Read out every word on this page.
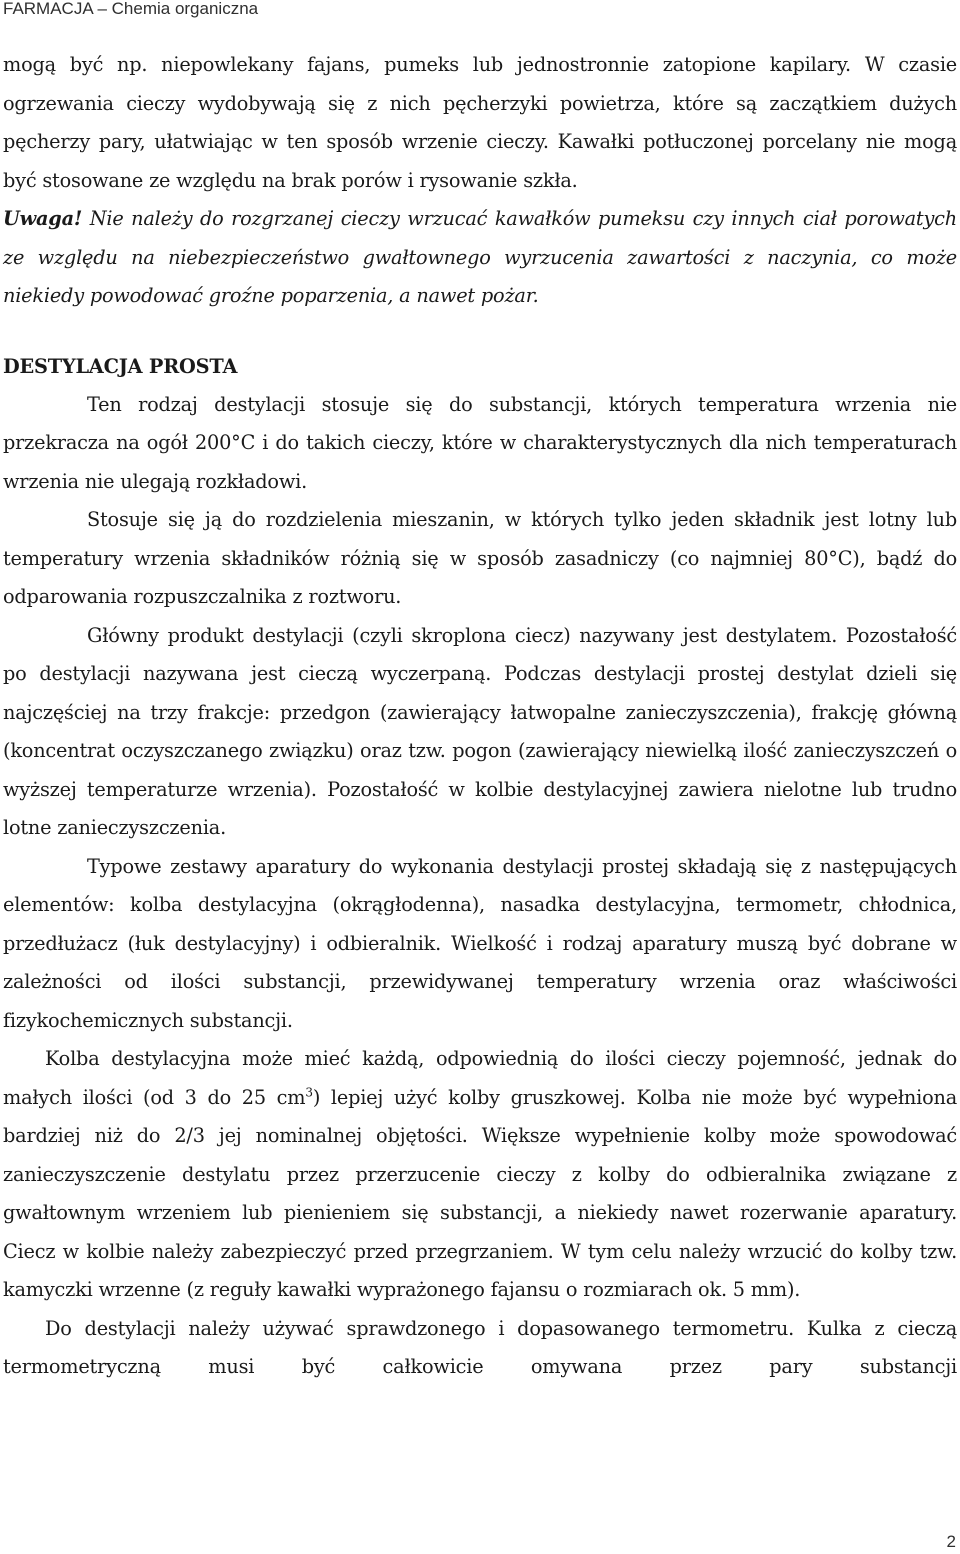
FARMACJA – Chemia organiczna

mogą być np. niepowlekany fajans, pumeks lub jednostronnie zatopione kapilary. W czasie ogrzewania cieczy wydobywają się z nich pęcherzyki powietrza, które są zaczątkiem dużych pęcherzy pary, ułatwiając w ten sposób wrzenie cieczy. Kawałki potłuczonej porcelany nie mogą być stosowane ze względu na brak porów i rysowanie szkła.

Uwaga! Nie należy do rozgrzanej cieczy wrzucać kawałków pumeksu czy innych ciał porowatych ze względu na niebezpieczeństwo gwałtownego wyrzucenia zawartości z naczynia, co może niekiedy powodować groźne poparzenia, a nawet pożar.

DESTYLACJA PROSTA

Ten rodzaj destylacji stosuje się do substancji, których temperatura wrzenia nie przekracza na ogół 200°C i do takich cieczy, które w charakterystycznych dla nich temperaturach wrzenia nie ulegają rozkładowi.

Stosuje się ją do rozdzielenia mieszanin, w których tylko jeden składnik jest lotny lub temperatury wrzenia składników różnią się w sposób zasadniczy (co najmniej 80°C), bądź do odparowania rozpuszczalnika z roztworu.

Główny produkt destylacji (czyli skroplona ciecz) nazywany jest destylatem. Pozostałość po destylacji nazywana jest cieczą wyczerpaną. Podczas destylacji prostej destylat dzieli się najczęściej na trzy frakcje: przedgon (zawierający łatwopalne zanieczyszczenia), frakcję główną (koncentrat oczyszczanego związku) oraz tzw. pogon (zawierający niewielką ilość zanieczyszczeń o wyższej temperaturze wrzenia). Pozostałość w kolbie destylacyjnej zawiera nielotne lub trudno lotne zanieczyszczenia.

Typowe zestawy aparatury do wykonania destylacji prostej składają się z następujących elementów: kolba destylacyjna (okrągłodenna), nasadka destylacyjna, termometr, chłodnica, przedłużacz (łuk destylacyjny) i odbieralnik. Wielkość i rodzaj aparatury muszą być dobrane w zależności od ilości substancji, przewidywanej temperatury wrzenia oraz właściwości fizykochemicznych substancji.

Kolba destylacyjna może mieć każdą, odpowiednią do ilości cieczy pojemność, jednak do małych ilości (od 3 do 25 $cm^3$) lepiej użyć kolby gruszkowej. Kolba nie może być wypełniona bardziej niż do 2/3 jej nominalnej objętości. Większe wypełnienie kolby może spowodować zanieczyszczenie destylatu przez przerzucenie cieczy z kolby do odbieralnika związane z gwałtownym wrzeniem lub pienieniem się substancji, a niekiedy nawet rozerwanie aparatury. Ciecz w kolbie należy zabezpieczyć przed przegrzaniem. W tym celu należy wrzucić do kolby tzw. kamyczki wrzenne (z reguły kawałki wyprażonego fajansu o rozmiarach ok. 5 mm).

Do destylacji należy używać sprawdzonego i dopasowanego termometru. Kulka z cieczą termometryczną musi być całkowicie omywana przez pary substancji

2
